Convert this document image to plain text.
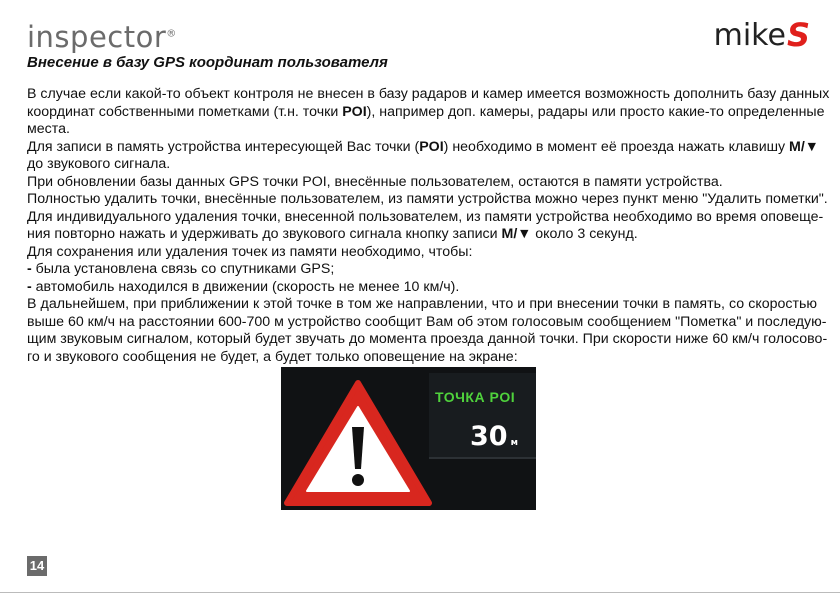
inspector®	mike S
Внесение в базу GPS координат пользователя
В случае если какой-то объект контроля не внесен в базу радаров и камер имеется возможность дополнить базу данных
координат собственными пометками (т.н. точки POI), например доп. камеры, радары или просто какие-то определенные
места.
Для записи в память устройства интересующей Вас точки (POI) необходимо в момент её проезда нажать клавишу M/▼
до звукового сигнала.
При обновлении базы данных GPS точки POI, внесённые пользователем, остаются в памяти устройства.
Полностью удалить точки, внесённые пользователем, из памяти устройства можно через пункт меню "Удалить пометки".
Для индивидуального удаления точки, внесенной пользователем, из памяти устройства необходимо во время оповеще-
ния повторно нажать и удерживать до звукового сигнала кнопку записи M/▼ около 3 секунд.
Для сохранения или удаления точек из памяти необходимо, чтобы:
- была установлена связь со спутниками GPS;
- автомобиль находился в движении (скорость не менее 10 км/ч).
В дальнейшем, при приближении к этой точке в том же направлении, что и при внесении точки в память, со скоростью
выше 60 км/ч на расстоянии 600-700 м устройство сообщит Вам об этом голосовым сообщением "Пометка" и последую-
щим звуковым сигналом, который будет звучать до момента проезда данной точки. При скорости ниже 60 км/ч голосово-
го и звукового сообщения не будет, а будет только оповещение на экране:
ТОЧКА POI
30 м
14
